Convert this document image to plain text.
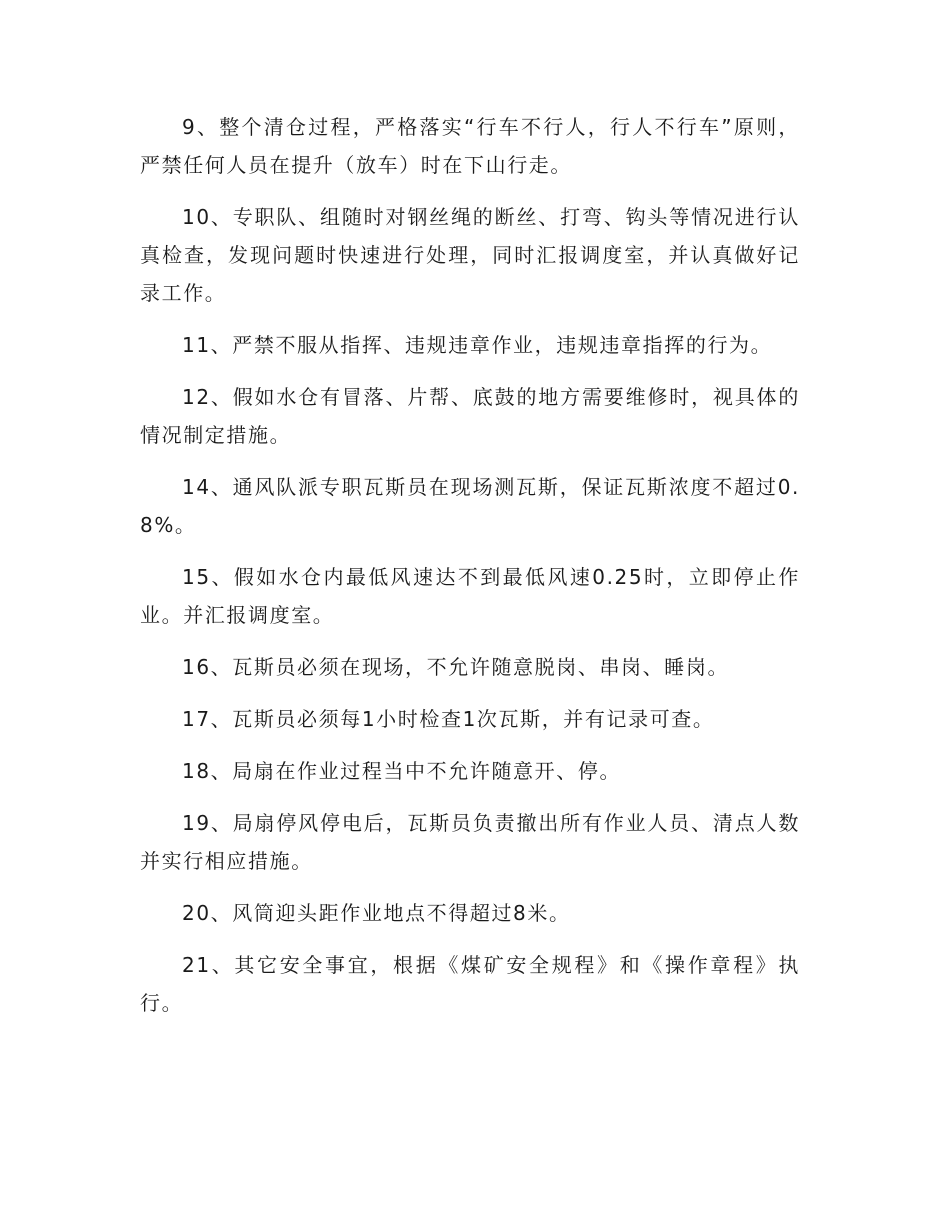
9、整个清仓过程，严格落实“行车不行人，行人不行车”原则，严禁任何人员在提升（放车）时在下山行走。

10、专职队、组随时对钢丝绳的断丝、打弯、钩头等情况进行认真检查，发现问题时快速进行处理，同时汇报调度室，并认真做好记录工作。

11、严禁不服从指挥、违规违章作业，违规违章指挥的行为。

12、假如水仓有冒落、片帮、底鼓的地方需要维修时，视具体的情况制定措施。

14、通风队派专职瓦斯员在现场测瓦斯，保证瓦斯浓度不超过0.8%。

15、假如水仓内最低风速达不到最低风速0.25时，立即停止作业。并汇报调度室。

16、瓦斯员必须在现场，不允许随意脱岗、串岗、睡岗。

17、瓦斯员必须每1小时检查1次瓦斯，并有记录可查。

18、局扇在作业过程当中不允许随意开、停。

19、局扇停风停电后，瓦斯员负责撤出所有作业人员、清点人数并实行相应措施。

20、风筒迎头距作业地点不得超过8米。

21、其它安全事宜，根据《煤矿安全规程》和《操作章程》执行。
